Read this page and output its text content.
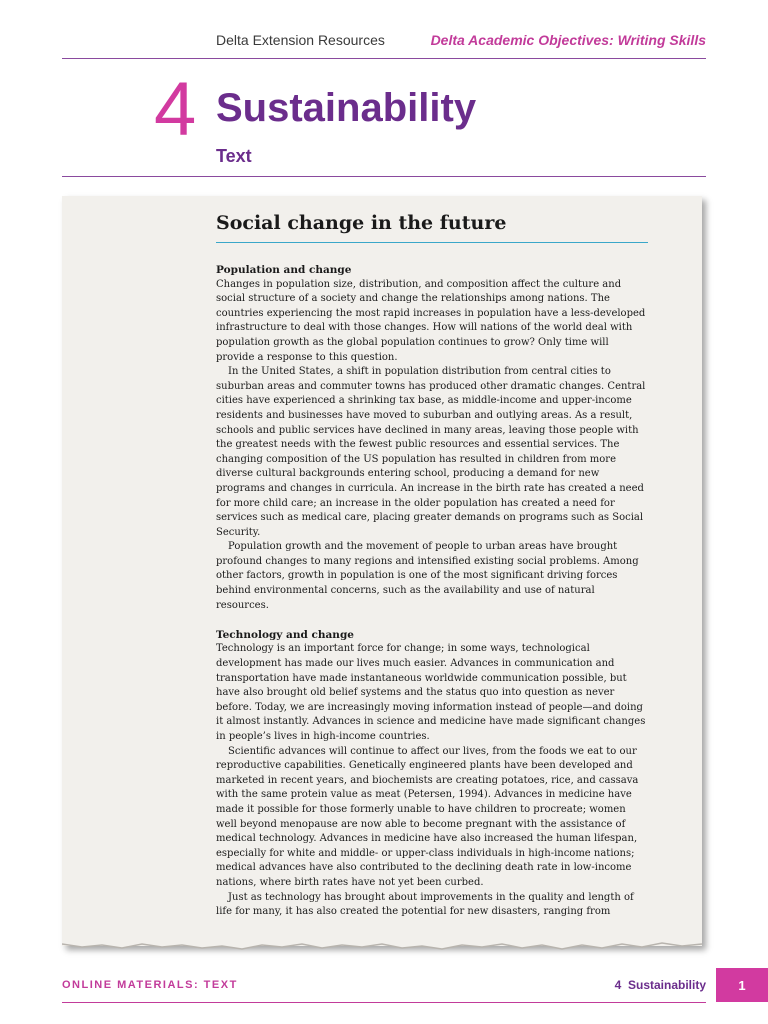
Delta Extension Resources	Delta Academic Objectives: Writing Skills
4 Sustainability
Text
Social change in the future
Population and change

Changes in population size, distribution, and composition affect the culture and social structure of a society and change the relationships among nations. The countries experiencing the most rapid increases in population have a less-developed infrastructure to deal with those changes. How will nations of the world deal with population growth as the global population continues to grow? Only time will provide a response to this question.

In the United States, a shift in population distribution from central cities to suburban areas and commuter towns has produced other dramatic changes. Central cities have experienced a shrinking tax base, as middle-income and upper-income residents and businesses have moved to suburban and outlying areas. As a result, schools and public services have declined in many areas, leaving those people with the greatest needs with the fewest public resources and essential services. The changing composition of the US population has resulted in children from more diverse cultural backgrounds entering school, producing a demand for new programs and changes in curricula. An increase in the birth rate has created a need for more child care; an increase in the older population has created a need for services such as medical care, placing greater demands on programs such as Social Security.

Population growth and the movement of people to urban areas have brought profound changes to many regions and intensified existing social problems. Among other factors, growth in population is one of the most significant driving forces behind environmental concerns, such as the availability and use of natural resources.

Technology and change

Technology is an important force for change; in some ways, technological development has made our lives much easier. Advances in communication and transportation have made instantaneous worldwide communication possible, but have also brought old belief systems and the status quo into question as never before. Today, we are increasingly moving information instead of people—and doing it almost instantly. Advances in science and medicine have made significant changes in people’s lives in high-income countries.

Scientific advances will continue to affect our lives, from the foods we eat to our reproductive capabilities. Genetically engineered plants have been developed and marketed in recent years, and biochemists are creating potatoes, rice, and cassava with the same protein value as meat (Petersen, 1994). Advances in medicine have made it possible for those formerly unable to have children to procreate; women well beyond menopause are now able to become pregnant with the assistance of medical technology. Advances in medicine have also increased the human lifespan, especially for white and middle- or upper-class individuals in high-income nations; medical advances have also contributed to the declining death rate in low-income nations, where birth rates have not yet been curbed.

Just as technology has brought about improvements in the quality and length of life for many, it has also created the potential for new disasters, ranging from

ONLINE MATERIALS: TEXT	4  Sustainability	1
